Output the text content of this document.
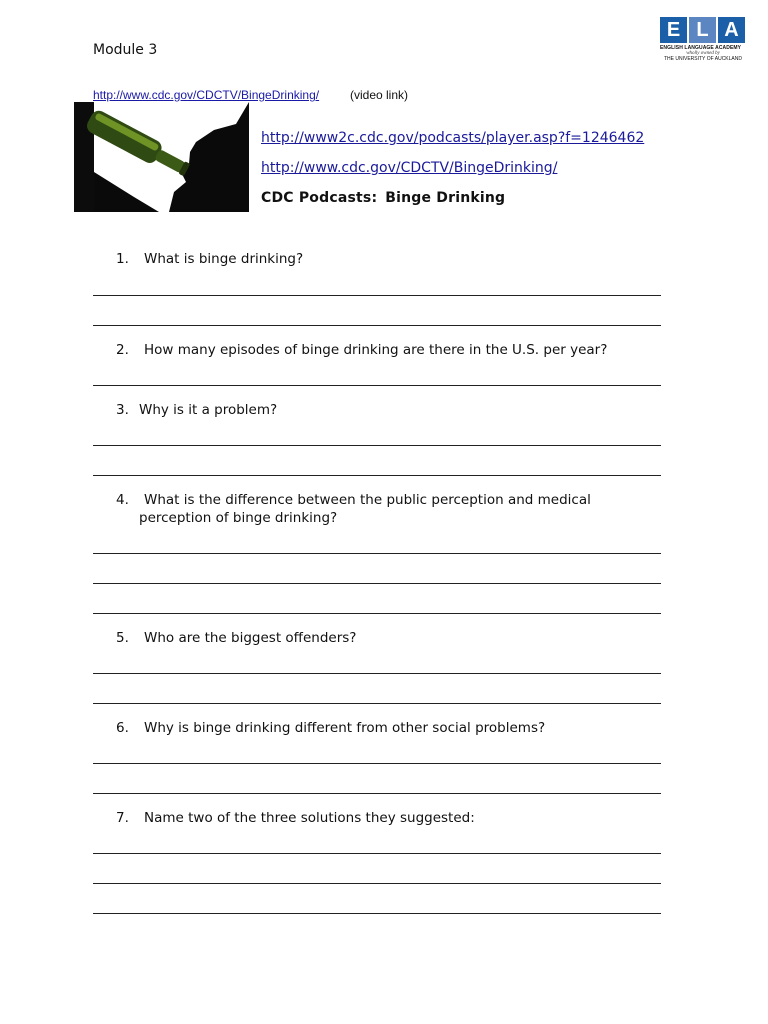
Module 3
E L A
ENGLISH LANGUAGE ACADEMY
wholly owned by
THE UNIVERSITY OF AUCKLAND
http://www.cdc.gov/CDCTV/BingeDrinking/	(video link)
http://www2c.cdc.gov/podcasts/player.asp?f=1246462
http://www.cdc.gov/CDCTV/BingeDrinking/
CDC Podcasts: Binge Drinking
1. What is binge drinking?
2. How many episodes of binge drinking are there in the U.S. per year?
3. Why is it a problem?
4. What is the difference between the public perception and medical
perception of binge drinking?
5. Who are the biggest offenders?
6. Why is binge drinking different from other social problems?
7. Name two of the three solutions they suggested:
